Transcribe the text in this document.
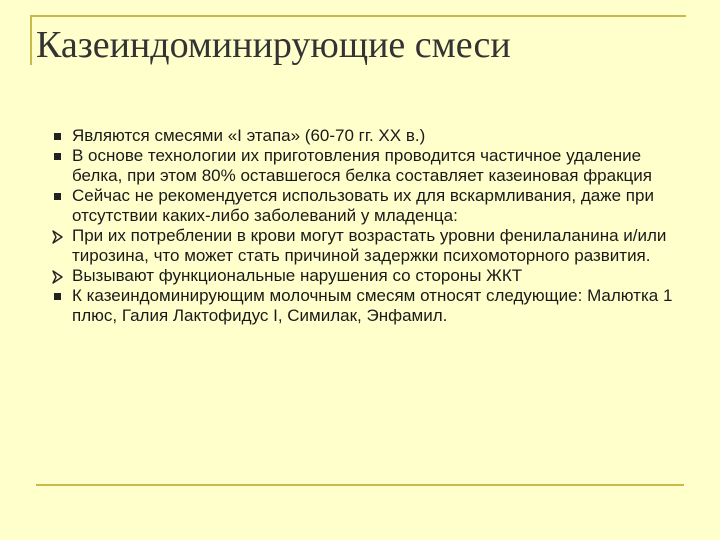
Казеиндоминирующие смеси
Являются смесями «I этапа» (60-70 гг. XX в.)
В основе технологии их приготовления проводится частичное удаление белка, при этом 80% оставшегося белка составляет казеиновая фракция
Сейчас не рекомендуется использовать их для вскармливания, даже при отсутствии каких-либо заболеваний у младенца:
При их потреблении в крови могут возрастать уровни фенилаланина и/или тирозина, что может стать причиной задержки психомоторного развития.
Вызывают функциональные нарушения со стороны ЖКТ
К казеиндоминирующим молочным смесям относят следующие: Малютка 1 плюс, Галия Лактофидус I, Симилак, Энфамил.
